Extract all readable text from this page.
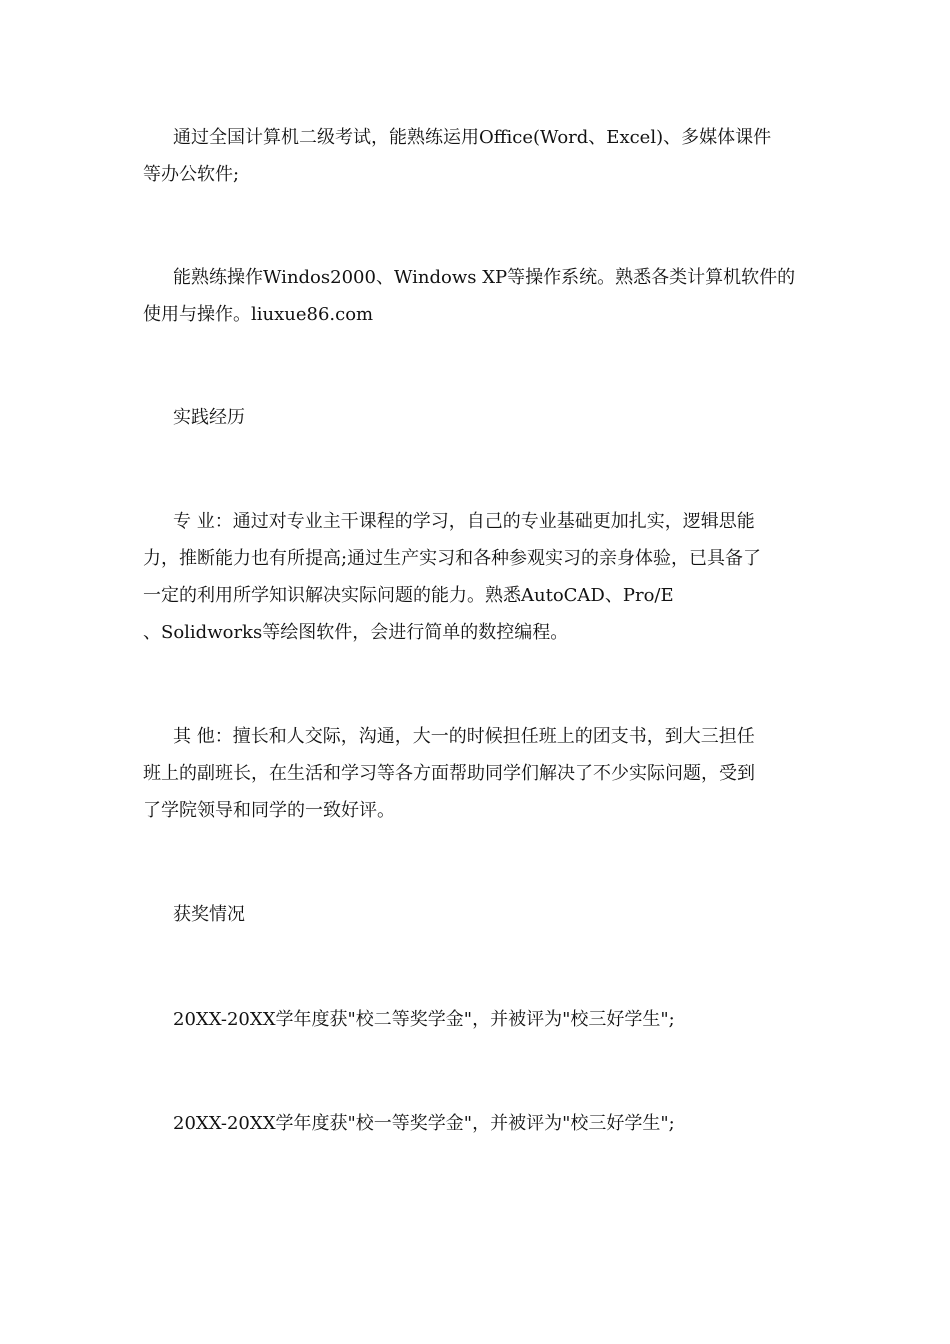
通过全国计算机二级考试，能熟练运用Office(Word、Excel)、多媒体课件
等办公软件;

能熟练操作Windos2000、Windows XP等操作系统。熟悉各类计算机软件的
使用与操作。liuxue86.com

实践经历

专 业：通过对专业主干课程的学习，自己的专业基础更加扎实，逻辑思能
力，推断能力也有所提高;通过生产实习和各种参观实习的亲身体验，已具备了
一定的利用所学知识解决实际问题的能力。熟悉AutoCAD、Pro/E
、Solidworks等绘图软件，会进行简单的数控编程。

其 他：擅长和人交际，沟通，大一的时候担任班上的团支书，到大三担任
班上的副班长，在生活和学习等各方面帮助同学们解决了不少实际问题，受到
了学院领导和同学的一致好评。

获奖情况

20XX-20XX学年度获"校二等奖学金"，并被评为"校三好学生";

20XX-20XX学年度获"校一等奖学金"，并被评为"校三好学生";
